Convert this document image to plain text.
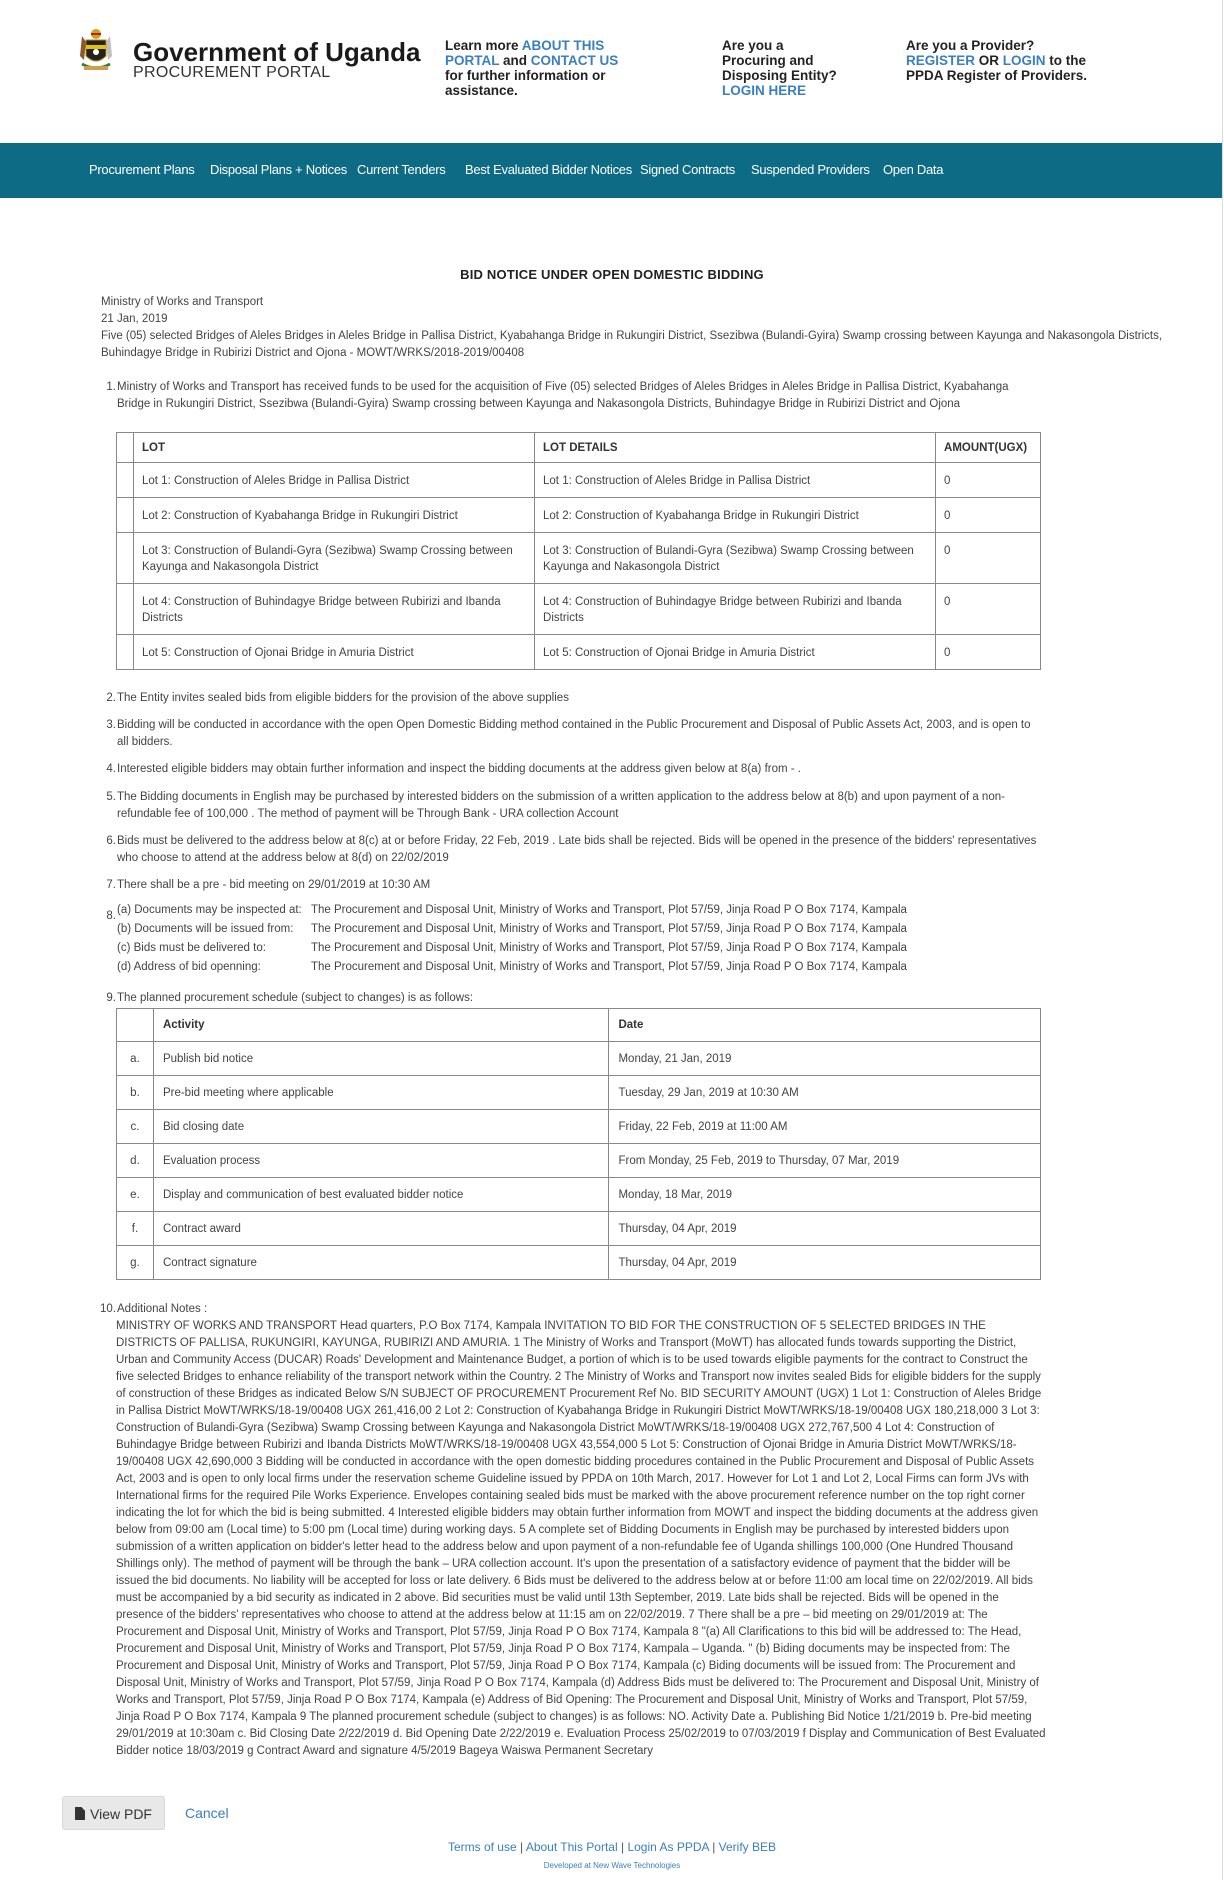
Government of Uganda
PROCUREMENT PORTAL
Learn more ABOUT THIS PORTAL and CONTACT US for further information or assistance.
Are you a Procuring and Disposing Entity? LOGIN HERE
Are you a Provider? REGISTER OR LOGIN to the PPDA Register of Providers.
Procurement Plans Disposal Plans + Notices Current Tenders Best Evaluated Bidder Notices Signed Contracts Suspended Providers Open Data
BID NOTICE UNDER OPEN DOMESTIC BIDDING
Ministry of Works and Transport
21 Jan, 2019
Five (05) selected Bridges of Aleles Bridges in Aleles Bridge in Pallisa District, Kyabahanga Bridge in Rukungiri District, Ssezibwa (Bulandi-Gyira) Swamp crossing between Kayunga and Nakasongola Districts, Buhindagye Bridge in Rubirizi District and Ojona - MOWT/WRKS/2018-2019/00408
1. Ministry of Works and Transport has received funds to be used for the acquisition of Five (05) selected Bridges of Aleles Bridges in Aleles Bridge in Pallisa District, Kyabahanga Bridge in Rukungiri District, Ssezibwa (Bulandi-Gyira) Swamp crossing between Kayunga and Nakasongola Districts, Buhindagye Bridge in Rubirizi District and Ojona
	LOT	LOT DETAILS	AMOUNT(UGX)
	Lot 1: Construction of Aleles Bridge in Pallisa District	Lot 1: Construction of Aleles Bridge in Pallisa District	0
	Lot 2: Construction of Kyabahanga Bridge in Rukungiri District	Lot 2: Construction of Kyabahanga Bridge in Rukungiri District	0
	Lot 3: Construction of Bulandi-Gyra (Sezibwa) Swamp Crossing between Kayunga and Nakasongola District	Lot 3: Construction of Bulandi-Gyra (Sezibwa) Swamp Crossing between Kayunga and Nakasongola District	0
	Lot 4: Construction of Buhindagye Bridge between Rubirizi and Ibanda Districts	Lot 4: Construction of Buhindagye Bridge between Rubirizi and Ibanda Districts	0
	Lot 5: Construction of Ojonai Bridge in Amuria District	Lot 5: Construction of Ojonai Bridge in Amuria District	0
2. The Entity invites sealed bids from eligible bidders for the provision of the above supplies
3. Bidding will be conducted in accordance with the open Open Domestic Bidding method contained in the Public Procurement and Disposal of Public Assets Act, 2003, and is open to all bidders.
4. Interested eligible bidders may obtain further information and inspect the bidding documents at the address given below at 8(a) from - .
5. The Bidding documents in English may be purchased by interested bidders on the submission of a written application to the address below at 8(b) and upon payment of a non-refundable fee of 100,000 . The method of payment will be Through Bank - URA collection Account
6. Bids must be delivered to the address below at 8(c) at or before Friday, 22 Feb, 2019 . Late bids shall be rejected. Bids will be opened in the presence of the bidders' representatives who choose to attend at the address below at 8(d) on 22/02/2019
7. There shall be a pre - bid meeting on 29/01/2019 at 10:30 AM
8. (a) Documents may be inspected at: The Procurement and Disposal Unit, Ministry of Works and Transport, Plot 57/59, Jinja Road P O Box 7174, Kampala
(b) Documents will be issued from: The Procurement and Disposal Unit, Ministry of Works and Transport, Plot 57/59, Jinja Road P O Box 7174, Kampala
(c) Bids must be delivered to:	The Procurement and Disposal Unit, Ministry of Works and Transport, Plot 57/59, Jinja Road P O Box 7174, Kampala
(d) Address of bid openning:	The Procurement and Disposal Unit, Ministry of Works and Transport, Plot 57/59, Jinja Road P O Box 7174, Kampala
9. The planned procurement schedule (subject to changes) is as follows:
	Activity	Date
a.	Publish bid notice	Monday, 21 Jan, 2019
b.	Pre-bid meeting where applicable	Tuesday, 29 Jan, 2019 at 10:30 AM
c.	Bid closing date	Friday, 22 Feb, 2019 at 11:00 AM
d.	Evaluation process	From Monday, 25 Feb, 2019 to Thursday, 07 Mar, 2019
e.	Display and communication of best evaluated bidder notice	Monday, 18 Mar, 2019
f.	Contract award	Thursday, 04 Apr, 2019
g.	Contract signature	Thursday, 04 Apr, 2019
10. Additional Notes :
MINISTRY OF WORKS AND TRANSPORT Head quarters, P.O Box 7174, Kampala INVITATION TO BID FOR THE CONSTRUCTION OF 5 SELECTED BRIDGES IN THE DISTRICTS OF PALLISA, RUKUNGIRI, KAYUNGA, RUBIRIZI AND AMURIA. 1 The Ministry of Works and Transport (MoWT) has allocated funds towards supporting the District, Urban and Community Access (DUCAR) Roads' Development and Maintenance Budget, a portion of which is to be used towards eligible payments for the contract to Construct the five selected Bridges to enhance reliability of the transport network within the Country. 2 The Ministry of Works and Transport now invites sealed Bids for eligible bidders for the supply of construction of these Bridges as indicated Below S/N SUBJECT OF PROCUREMENT Procurement Ref No. BID SECURITY AMOUNT (UGX) 1 Lot 1: Construction of Aleles Bridge in Pallisa District MoWT/WRKS/18-19/00408 UGX 261,416,00 2 Lot 2: Construction of Kyabahanga Bridge in Rukungiri District MoWT/WRKS/18-19/00408 UGX 180,218,000 3 Lot 3: Construction of Bulandi-Gyra (Sezibwa) Swamp Crossing between Kayunga and Nakasongola District MoWT/WRKS/18-19/00408 UGX 272,767,500 4 Lot 4: Construction of Buhindagye Bridge between Rubirizi and Ibanda Districts MoWT/WRKS/18-19/00408 UGX 43,554,000 5 Lot 5: Construction of Ojonai Bridge in Amuria District MoWT/WRKS/18-19/00408 UGX 42,690,000 3 Bidding will be conducted in accordance with the open domestic bidding procedures contained in the Public Procurement and Disposal of Public Assets Act, 2003 and is open to only local firms under the reservation scheme Guideline issued by PPDA on 10th March, 2017. However for Lot 1 and Lot 2, Local Firms can form JVs with International firms for the required Pile Works Experience. Envelopes containing sealed bids must be marked with the above procurement reference number on the top right corner indicating the lot for which the bid is being submitted. 4 Interested eligible bidders may obtain further information from MOWT and inspect the bidding documents at the address given below from 09:00 am (Local time) to 5:00 pm (Local time) during working days. 5 A complete set of Bidding Documents in English may be purchased by interested bidders upon submission of a written application on bidder's letter head to the address below and upon payment of a non-refundable fee of Uganda shillings 100,000 (One Hundred Thousand Shillings only). The method of payment will be through the bank – URA collection account. It's upon the presentation of a satisfactory evidence of payment that the bidder will be issued the bid documents. No liability will be accepted for loss or late delivery. 6 Bids must be delivered to the address below at or before 11:00 am local time on 22/02/2019. All bids must be accompanied by a bid security as indicated in 2 above. Bid securities must be valid until 13th September, 2019. Late bids shall be rejected. Bids will be opened in the presence of the bidders' representatives who choose to attend at the address below at 11:15 am on 22/02/2019. 7 There shall be a pre – bid meeting on 29/01/2019 at: The Procurement and Disposal Unit, Ministry of Works and Transport, Plot 57/59, Jinja Road P O Box 7174, Kampala 8 "(a) All Clarifications to this bid will be addressed to: The Head, Procurement and Disposal Unit, Ministry of Works and Transport, Plot 57/59, Jinja Road P O Box 7174, Kampala – Uganda. " (b) Biding documents may be inspected from: The Procurement and Disposal Unit, Ministry of Works and Transport, Plot 57/59, Jinja Road P O Box 7174, Kampala (c) Biding documents will be issued from: The Procurement and Disposal Unit, Ministry of Works and Transport, Plot 57/59, Jinja Road P O Box 7174, Kampala (d) Address Bids must be delivered to: The Procurement and Disposal Unit, Ministry of Works and Transport, Plot 57/59, Jinja Road P O Box 7174, Kampala (e) Address of Bid Opening: The Procurement and Disposal Unit, Ministry of Works and Transport, Plot 57/59, Jinja Road P O Box 7174, Kampala 9 The planned procurement schedule (subject to changes) is as follows: NO. Activity Date a. Publishing Bid Notice 1/21/2019 b. Pre-bid meeting 29/01/2019 at 10:30am c. Bid Closing Date 2/22/2019 d. Bid Opening Date 2/22/2019 e. Evaluation Process 25/02/2019 to 07/03/2019 f Display and Communication of Best Evaluated Bidder notice 18/03/2019 g Contract Award and signature 4/5/2019 Bageya Waiswa Permanent Secretary
View PDF	Cancel
Terms of use | About This Portal | Login As PPDA | Verify BEB
Developed at New Wave Technologies
